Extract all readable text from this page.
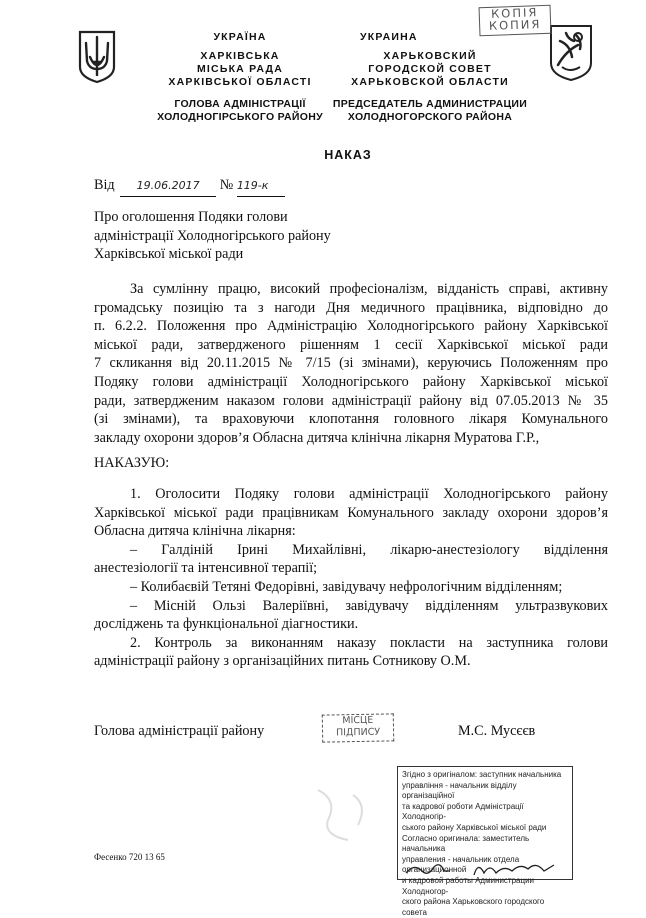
КОПІЯ
КОПИЯ
УКРАЇНА
ХАРКІВСЬКА
МІСЬКА РАДА
ХАРКІВСЬКОЇ ОБЛАСТІ
ГОЛОВА АДМІНІСТРАЦІЇ
ХОЛОДНОГІРСЬКОГО РАЙОНУ
УКРАИНА
ХАРЬКОВСКИЙ
ГОРОДСКОЙ СОВЕТ
ХАРЬКОВСКОЙ ОБЛАСТИ
ПРЕДСЕДАТЕЛЬ АДМИНИСТРАЦИИ
ХОЛОДНОГОРСКОГО РАЙОНА
НАКАЗ
Від 19.06.2017 № 119-к
Про оголошення Подяки голови
адміністрації Холодногірського району
Харківської міської ради
За сумлінну працю, високий професіоналізм, відданість справі, активну
громадську позицію та з нагоди Дня медичного працівника, відповідно до
п. 6.2.2. Положення про Адміністрацію Холодногірського району Харківської
міської ради, затвердженого рішенням 1 сесії Харківської міської ради
7 скликання від 20.11.2015 № 7/15 (зі змінами), керуючись Положенням про
Подяку голови адміністрації Холодногірського району Харківської міської
ради, затвердженим наказом голови адміністрації району від 07.05.2013 № 35
(зі змінами), та враховуючи клопотання головного лікаря Комунального
закладу охорони здоров’я Обласна дитяча клінічна лікарня Муратова Г.Р.,
НАКАЗУЮ:
1. Оголосити Подяку голови адміністрації Холодногірського району
Харківської міської ради працівникам Комунального закладу охорони здоров’я
Обласна дитяча клінічна лікарня:
– Галдіній Ірині Михайлівні, лікарю-анестезіологу відділення
анестезіології та інтенсивної терапії;
– Колибаєвій Тетяні Федорівні, завідувачу нефрологічним відділенням;
– Місній Ользі Валеріївні, завідувачу відділенням ультразвукових
досліджень та функціональної діагностики.
2. Контроль за виконанням наказу покласти на заступника голови
адміністрації району з організаційних питань Сотникову О.М.
Голова адміністрації району
МІСЦЕ
ПІДПИСУ	М.С. Мусєєв
Згідно з оригіналом: заступник начальника
управління - начальник відділу організаційної
та кадрової роботи Адміністрації Холодногір-
ського району Харківської міської ради
Согласно оригинала: заместитель начальника
управления - начальник отдела организационной
и кадровой работы Администрации Холодногор-
ского района Харьковского городского совета
Фесенко 720 13 65
